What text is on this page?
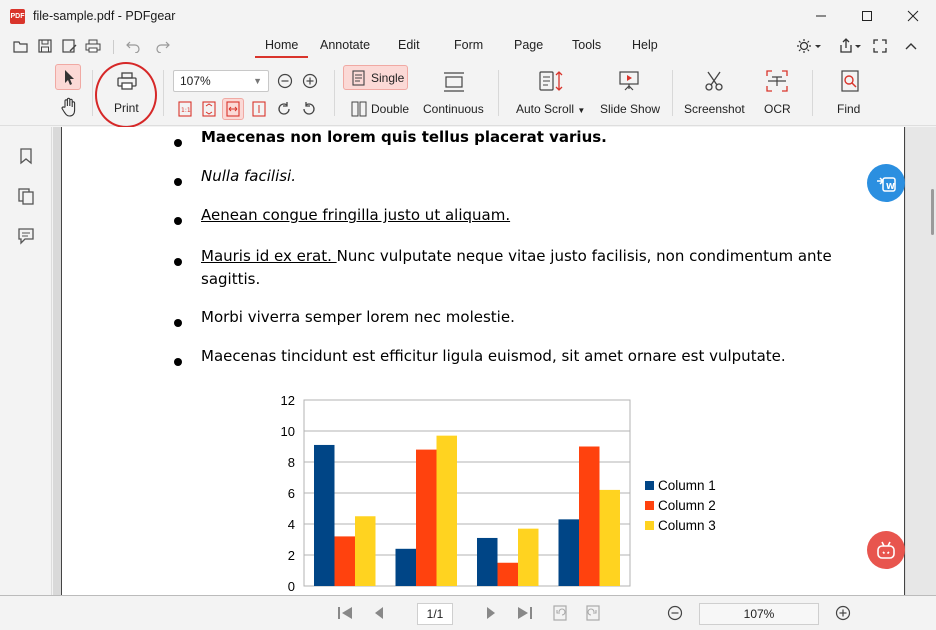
PDF file-sample.pdf - PDFgear
Home Annotate Edit	Form Page Tools Help
Print
107%	▼
1:1
Single
Double Continuous	Auto Scroll ▼ Slide Show Screenshot OCR	Find
Maecenas non lorem quis tellus placerat varius.
Nulla facilisi.
Aenean congue fringilla justo ut aliquam.
Mauris id ex erat. Nunc vulputate neque vitae justo facilisis, non condimentum ante
sagittis.
Morbi viverra semper lorem nec molestie.
Maecenas tincidunt est efficitur ligula euismod, sit amet ornare est vulputate.
0
2
4
6
8
10
12
Column 1
Column 2
Column 3
W
1/1	107%
